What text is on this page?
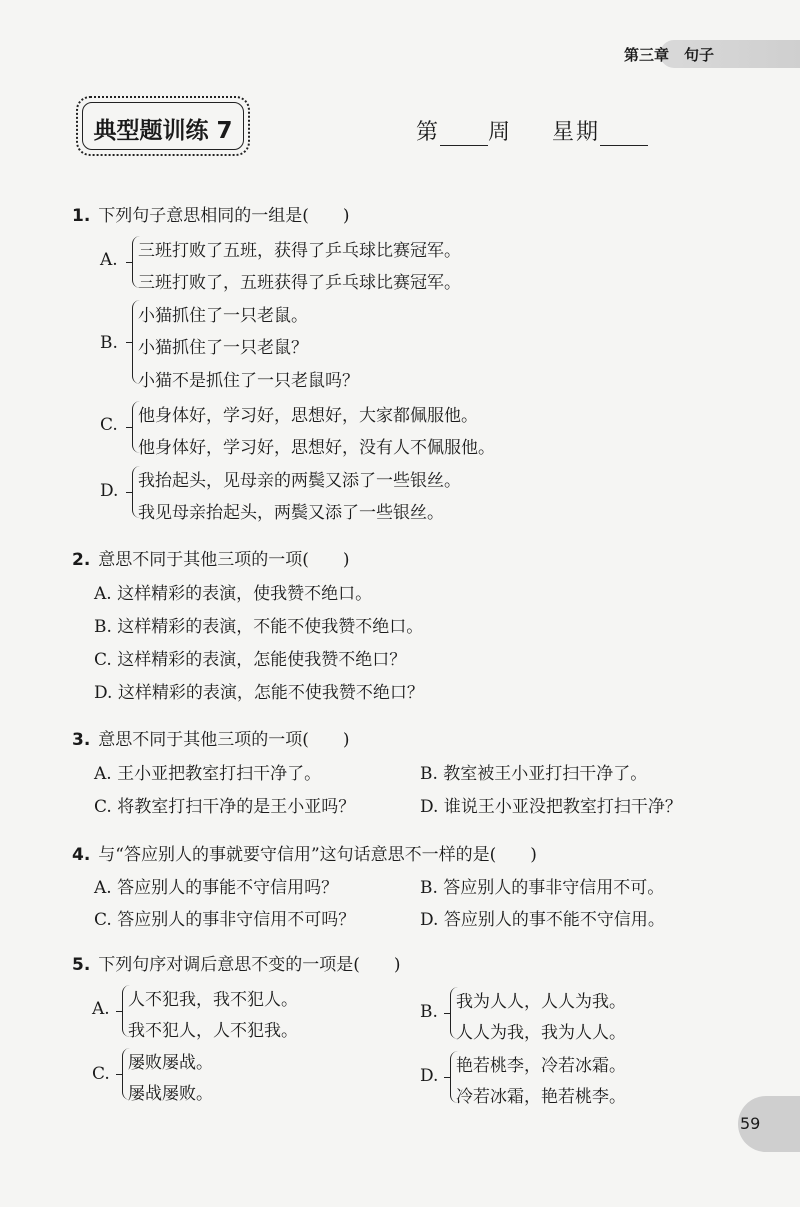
第三章　句子
典型题训练 7	第 周 星期
1. 下列句子意思相同的一组是(　　)
A. 三班打败了五班，获得了乒乓球比赛冠军。
三班打败了，五班获得了乒乓球比赛冠军。
B.
小猫抓住了一只老鼠。
小猫抓住了一只老鼠？
小猫不是抓住了一只老鼠吗？
C. 他身体好，学习好，思想好，大家都佩服他。
他身体好，学习好，思想好，没有人不佩服他。
D. 我抬起头，见母亲的两鬓又添了一些银丝。
我见母亲抬起头，两鬓又添了一些银丝。
2. 意思不同于其他三项的一项(　　)
A. 这样精彩的表演，使我赞不绝口。
B. 这样精彩的表演，不能不使我赞不绝口。
C. 这样精彩的表演，怎能使我赞不绝口？
D. 这样精彩的表演，怎能不使我赞不绝口？
3. 意思不同于其他三项的一项(　　)
A. 王小亚把教室打扫干净了。	B. 教室被王小亚打扫干净了。
C. 将教室打扫干净的是王小亚吗？	D. 谁说王小亚没把教室打扫干净？
4. 与“答应别人的事就要守信用”这句话意思不一样的是(　　)
A. 答应别人的事能不守信用吗？	B. 答应别人的事非守信用不可。
C. 答应别人的事非守信用不可吗？	D. 答应别人的事不能不守信用。
5. 下列句序对调后意思不变的一项是(　　)
A. 人不犯我，我不犯人。
我不犯人，人不犯我。
B. 我为人人，人人为我。
人人为我，我为人人。
C.
屡败屡战。
屡战屡败。
D. 艳若桃李，冷若冰霜。
冷若冰霜，艳若桃李。
59
